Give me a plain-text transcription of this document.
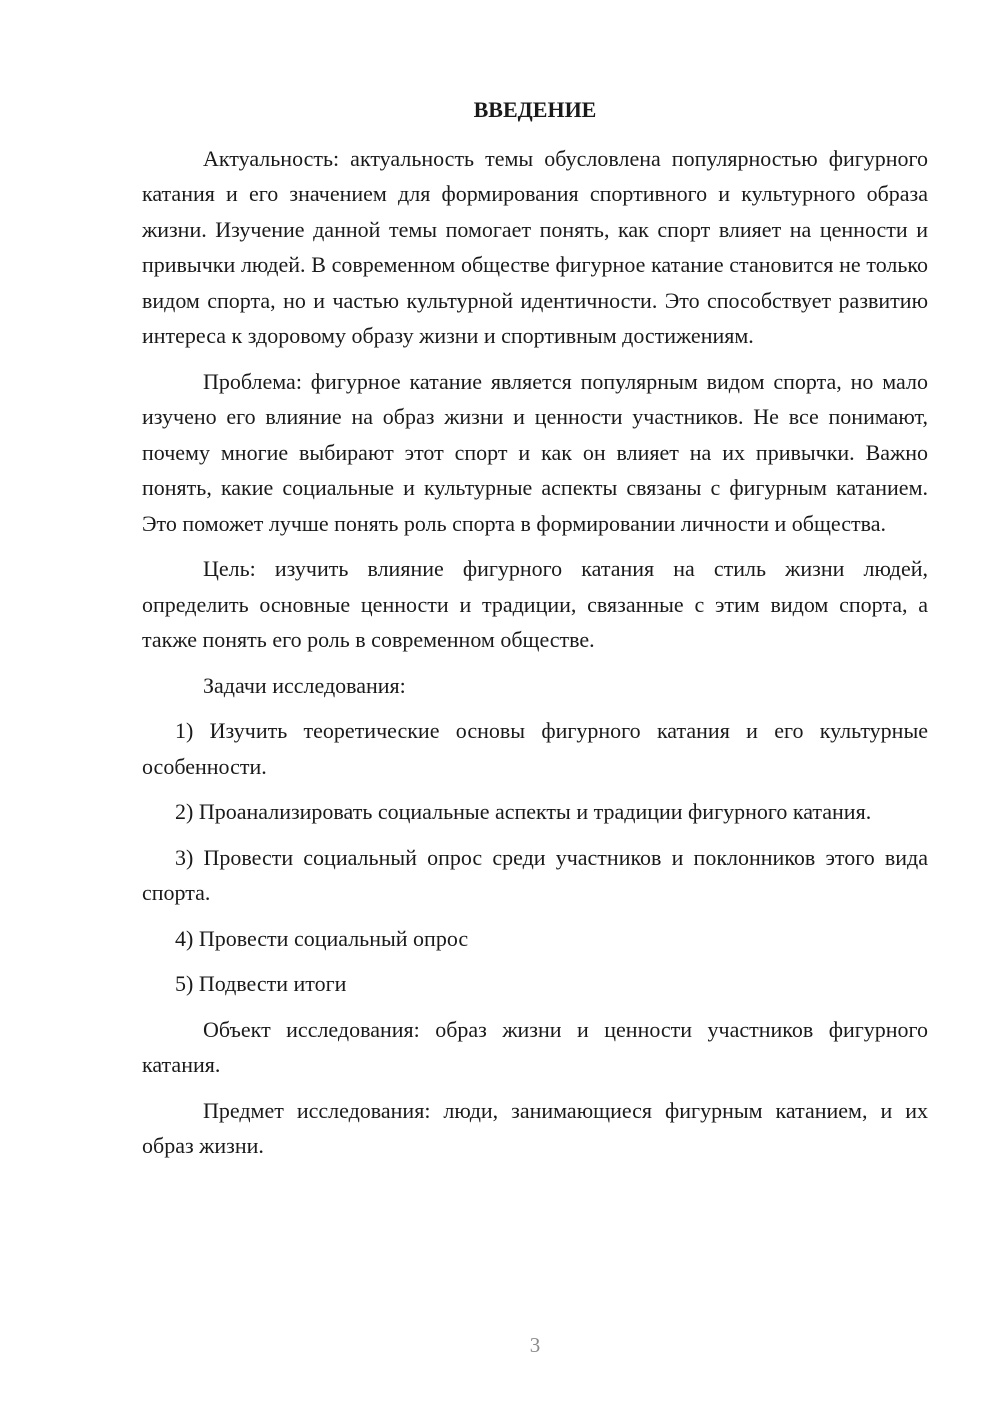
ВВЕДЕНИЕ

Актуальность: актуальность темы обусловлена популярностью фигурного катания и его значением для формирования спортивного и культурного образа жизни. Изучение данной темы помогает понять, как спорт влияет на ценности и привычки людей. В современном обществе фигурное катание становится не только видом спорта, но и частью культурной идентичности. Это способствует развитию интереса к здоровому образу жизни и спортивным достижениям.

Проблема: фигурное катание является популярным видом спорта, но мало изучено его влияние на образ жизни и ценности участников. Не все понимают, почему многие выбирают этот спорт и как он влияет на их привычки. Важно понять, какие социальные и культурные аспекты связаны с фигурным катанием. Это поможет лучше понять роль спорта в формировании личности и общества.

Цель: изучить влияние фигурного катания на стиль жизни людей, определить основные ценности и традиции, связанные с этим видом спорта, а также понять его роль в современном обществе.

Задачи исследования:

1) Изучить теоретические основы фигурного катания и его культурные особенности.

2) Проанализировать социальные аспекты и традиции фигурного катания.

3) Провести социальный опрос среди участников и поклонников этого вида спорта.

4) Провести социальный опрос

5) Подвести итоги

Объект исследования: образ жизни и ценности участников фигурного катания.

Предмет исследования: люди, занимающиеся фигурным катанием, и их образ жизни.

3
